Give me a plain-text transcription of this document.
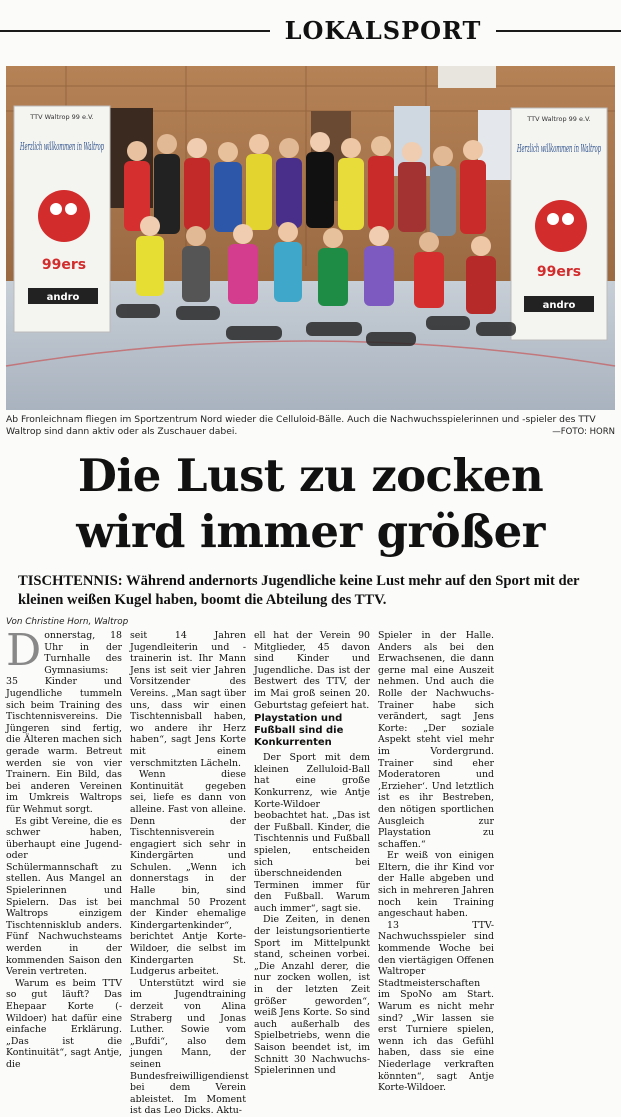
LOKALSPORT
TTV Waltrop 99 e.V.
Herzlich willkommen in Waltrop
99ers
andro
TTV Waltrop 99 e.V.
Herzlich willkommen in Waltrop
99ers
andro
Ab Fronleichnam fliegen im Sportzentrum Nord wieder die Celluloid-Bälle. Auch die Nachwuchsspielerinnen und -spieler des TTV Waltrop sind dann aktiv oder als Zuschauer dabei.	—FOTO: HORN
Die Lust zu zocken
wird immer größer
TISCHTENNIS: Während andernorts Jugendliche keine Lust mehr auf den Sport mit der kleinen weißen Kugel haben, boomt die Abteilung des TTV.
Von Christine Horn, Waltrop

Donnerstag, 18 Uhr in der Turnhalle des Gymnasiums: 35 Kinder und Jugendliche tummeln sich beim Training des Tischtennisvereins. Die Jüngeren sind fertig, die Älteren machen sich gerade warm. Betreut werden sie von vier Trainern. Ein Bild, das bei anderen Vereinen im Umkreis Waltrops für Wehmut sorgt.

Es gibt Vereine, die es schwer haben, überhaupt eine Jugend- oder Schülermannschaft zu stellen. Aus Mangel an Spielerinnen und Spielern. Das ist bei Waltrops einzigem Tischtennisklub anders. Fünf Nachwuchsteams werden in der kommenden Saison den Verein vertreten.

Warum es beim TTV so gut läuft? Das Ehepaar Korte (-Wildoer) hat dafür eine einfache Erklärung. „Das ist die Kontinuität“, sagt Antje, die

seit 14 Jahren Jugendleiterin und -trainerin ist. Ihr Mann Jens ist seit vier Jahren Vorsitzender des Vereins. „Man sagt über uns, dass wir einen Tischtennisball haben, wo andere ihr Herz haben“, sagt Jens Korte mit einem verschmitzten Lächeln.

Wenn diese Kontinuität gegeben sei, liefe es dann von alleine. Fast von alleine. Denn der Tischtennisverein engagiert sich sehr in Kindergärten und Schulen. „Wenn ich donnerstags in der Halle bin, sind manchmal 50 Prozent der Kinder ehemalige Kindergartenkinder“, berichtet Antje Korte-Wildoer, die selbst im Kindergarten St. Ludgerus arbeitet.

Unterstützt wird sie im Jugendtraining derzeit von Alina Straberg und Jonas Luther. Sowie vom „Bufdi“, also dem jungen Mann, der seinen Bundesfreiwilligendienst bei dem Verein ableistet. Im Moment ist das Leo Dicks. Aktu-

ell hat der Verein 90 Mitglieder, 45 davon sind Kinder und Jugendliche. Das ist der Bestwert des TTV, der im Mai groß seinen 20. Geburtstag gefeiert hat.

Playstation und Fußball sind die Konkurrenten

Der Sport mit dem kleinen Zelluloid-Ball hat eine große Konkurrenz, wie Antje Korte-Wildoer beobachtet hat. „Das ist der Fußball. Kinder, die Tischtennis und Fußball spielen, entscheiden sich bei überschneidenden Terminen immer für den Fußball. Warum auch immer“, sagt sie.

Die Zeiten, in denen der leistungsorientierte Sport im Mittelpunkt stand, scheinen vorbei. „Die Anzahl derer, die nur zocken wollen, ist in der letzten Zeit größer geworden“, weiß Jens Korte. So sind auch außerhalb des Spielbetriebs, wenn die Saison beendet ist, im Schnitt 30 Nachwuchs-Spielerinnen und

Spieler in der Halle. Anders als bei den Erwachsenen, die dann gerne mal eine Auszeit nehmen. Und auch die Rolle der Nachwuchs-Trainer habe sich verändert, sagt Jens Korte: „Der soziale Aspekt steht viel mehr im Vordergrund. Trainer sind eher Moderatoren und ‚Erzieher‘. Und letztlich ist es ihr Bestreben, den nötigen sportlichen Ausgleich zur Playstation zu schaffen.“

Er weiß von einigen Eltern, die ihr Kind vor der Halle abgeben und sich in mehreren Jahren noch kein Training angeschaut haben.

13 TTV-Nachwuchsspieler sind kommende Woche bei den viertägigen Offenen Waltroper Stadtmeisterschaften im SpoNo am Start. Warum es nicht mehr sind? „Wir lassen sie erst Turniere spielen, wenn ich das Gefühl haben, dass sie eine Niederlage verkraften könnten“, sagt Antje Korte-Wildoer.
